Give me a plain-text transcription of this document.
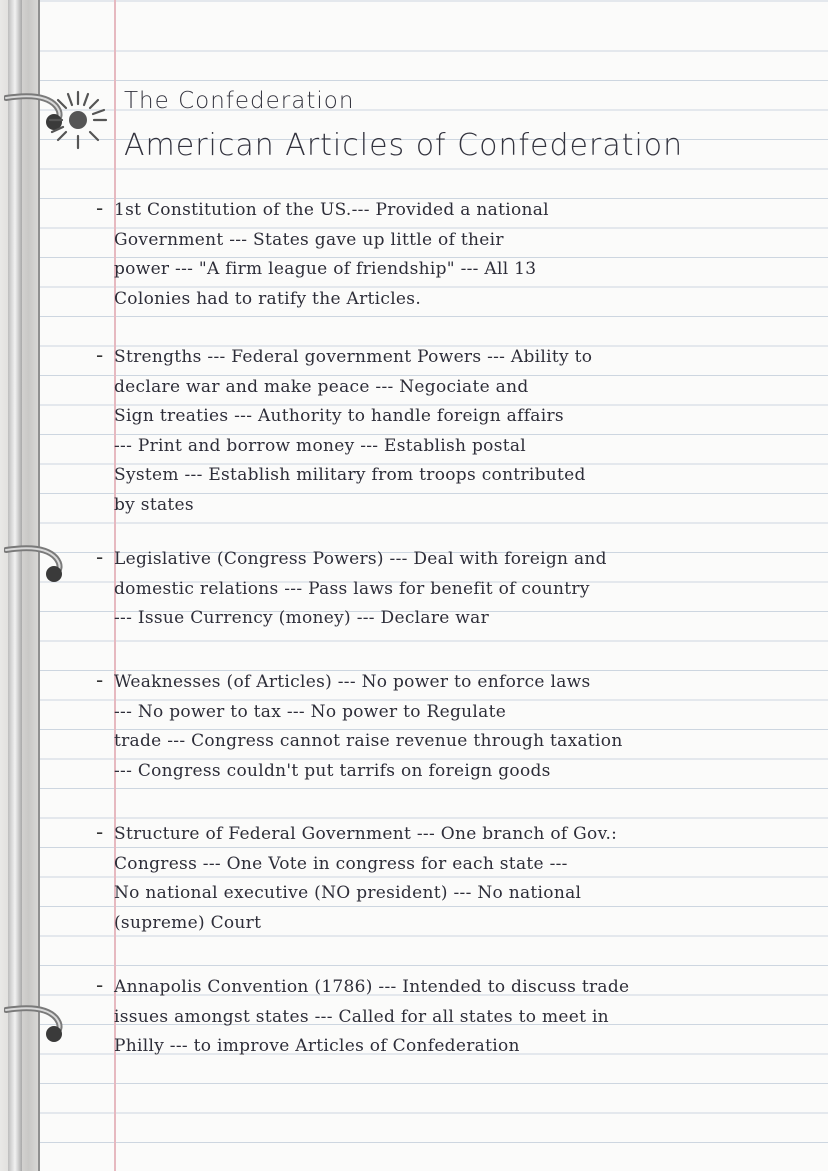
The Confederation
American Articles of Confederation
- 1st Constitution of the US.--- Provided a national
Government --- States gave up little of their
power --- "A firm league of friendship" --- All 13
Colonies had to ratify the Articles.
- Strengths --- Federal government Powers --- Ability to
declare war and make peace --- Negociate and
Sign treaties --- Authority to handle foreign affairs
--- Print and borrow money --- Establish postal
System --- Establish military from troops contributed
by states
- Legislative (Congress Powers) --- Deal with foreign and
domestic relations --- Pass laws for benefit of country
--- Issue Currency (money) --- Declare war
- Weaknesses (of Articles) --- No power to enforce laws
--- No power to tax --- No power to Regulate
trade --- Congress cannot raise revenue through taxation
--- Congress couldn't put tarrifs on foreign goods
- Structure of Federal Government --- One branch of Gov.:
Congress --- One Vote in congress for each state ---
No national executive (NO president) --- No national
(supreme) Court
- Annapolis Convention (1786) --- Intended to discuss trade
issues amongst states --- Called for all states to meet in
Philly --- to improve Articles of Confederation
